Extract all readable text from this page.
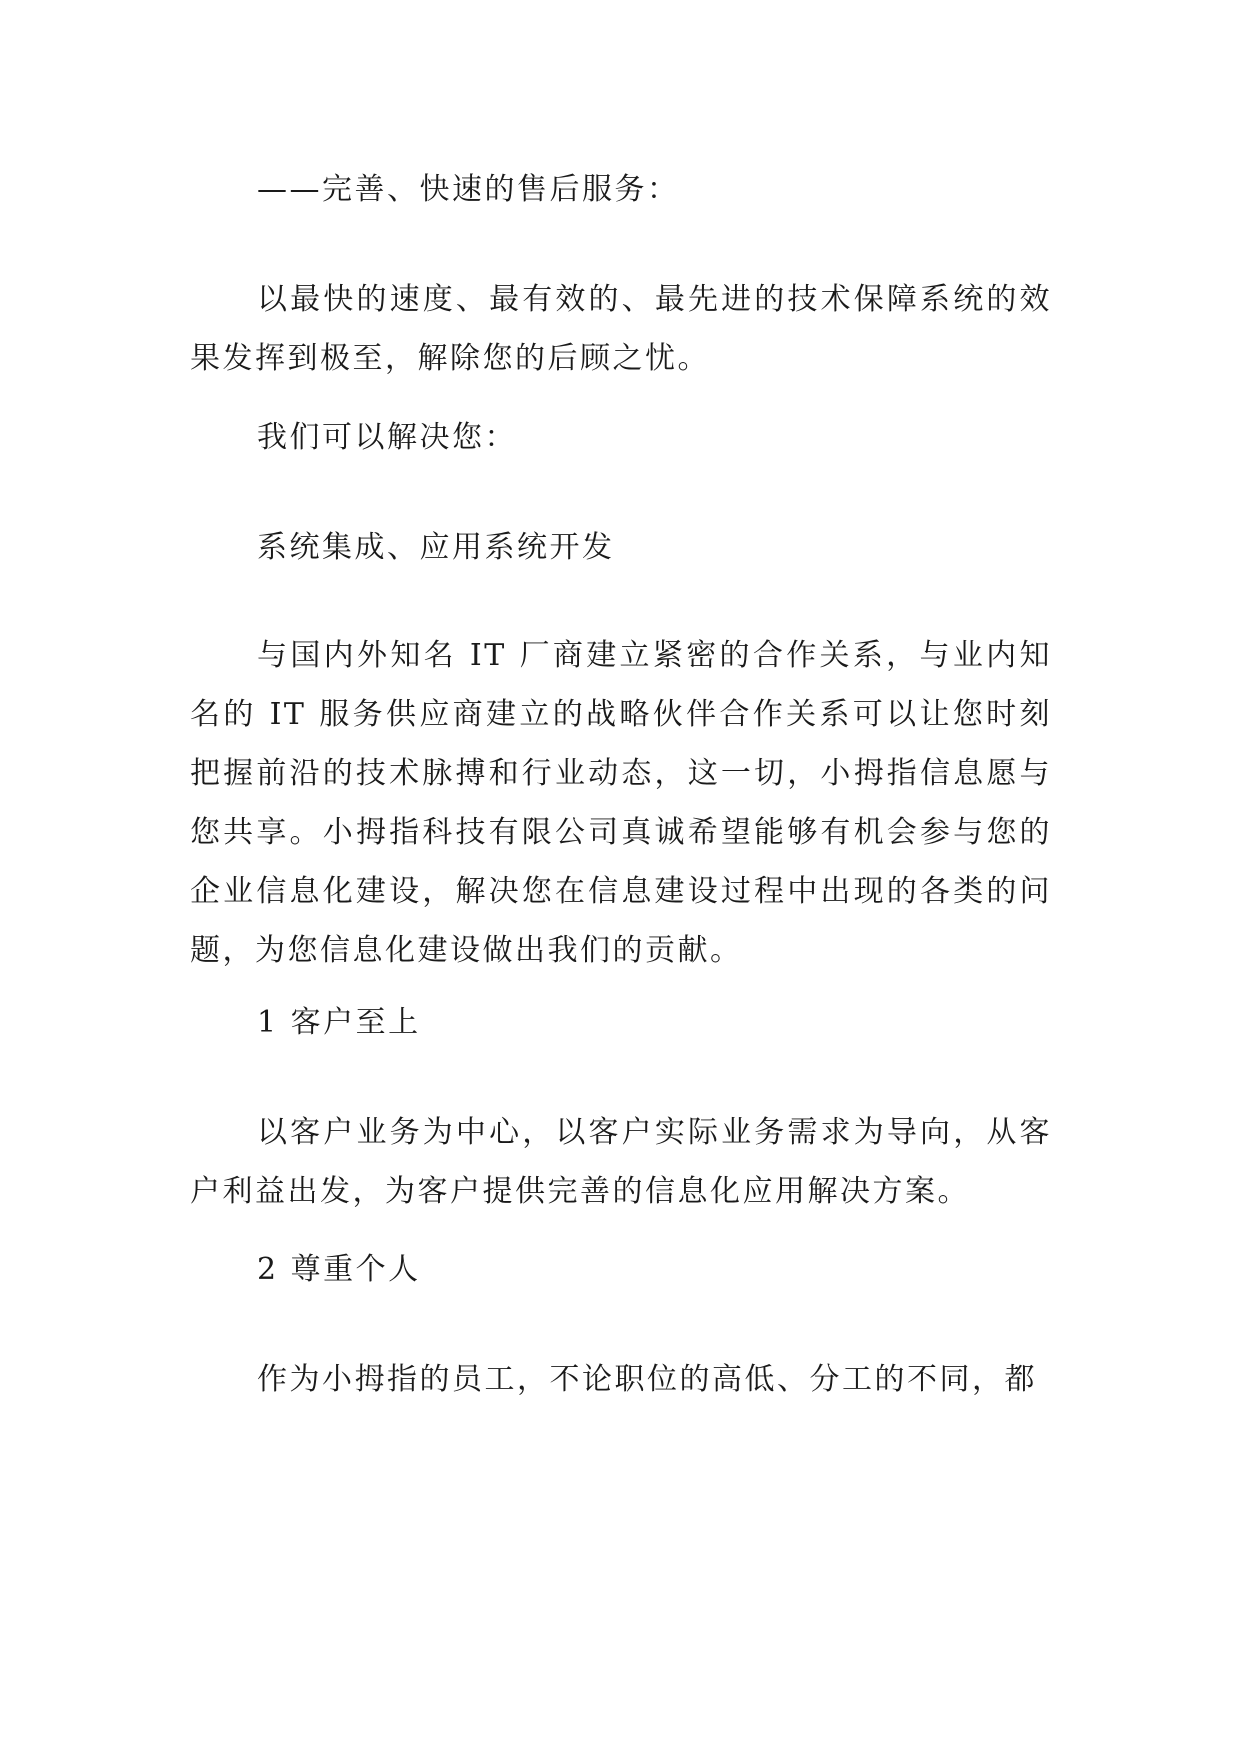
——完善、快速的售后服务：

以最快的速度、最有效的、最先进的技术保障系统的效果发挥到极至，解除您的后顾之忧。

我们可以解决您：

系统集成、应用系统开发

与国内外知名 IT 厂商建立紧密的合作关系，与业内知名的 IT 服务供应商建立的战略伙伴合作关系可以让您时刻把握前沿的技术脉搏和行业动态，这一切，小拇指信息愿与您共享。小拇指科技有限公司真诚希望能够有机会参与您的企业信息化建设，解决您在信息建设过程中出现的各类的问题，为您信息化建设做出我们的贡献。

1 客户至上

以客户业务为中心，以客户实际业务需求为导向，从客户利益出发，为客户提供完善的信息化应用解决方案。

2 尊重个人

作为小拇指的员工，不论职位的高低、分工的不同，都
